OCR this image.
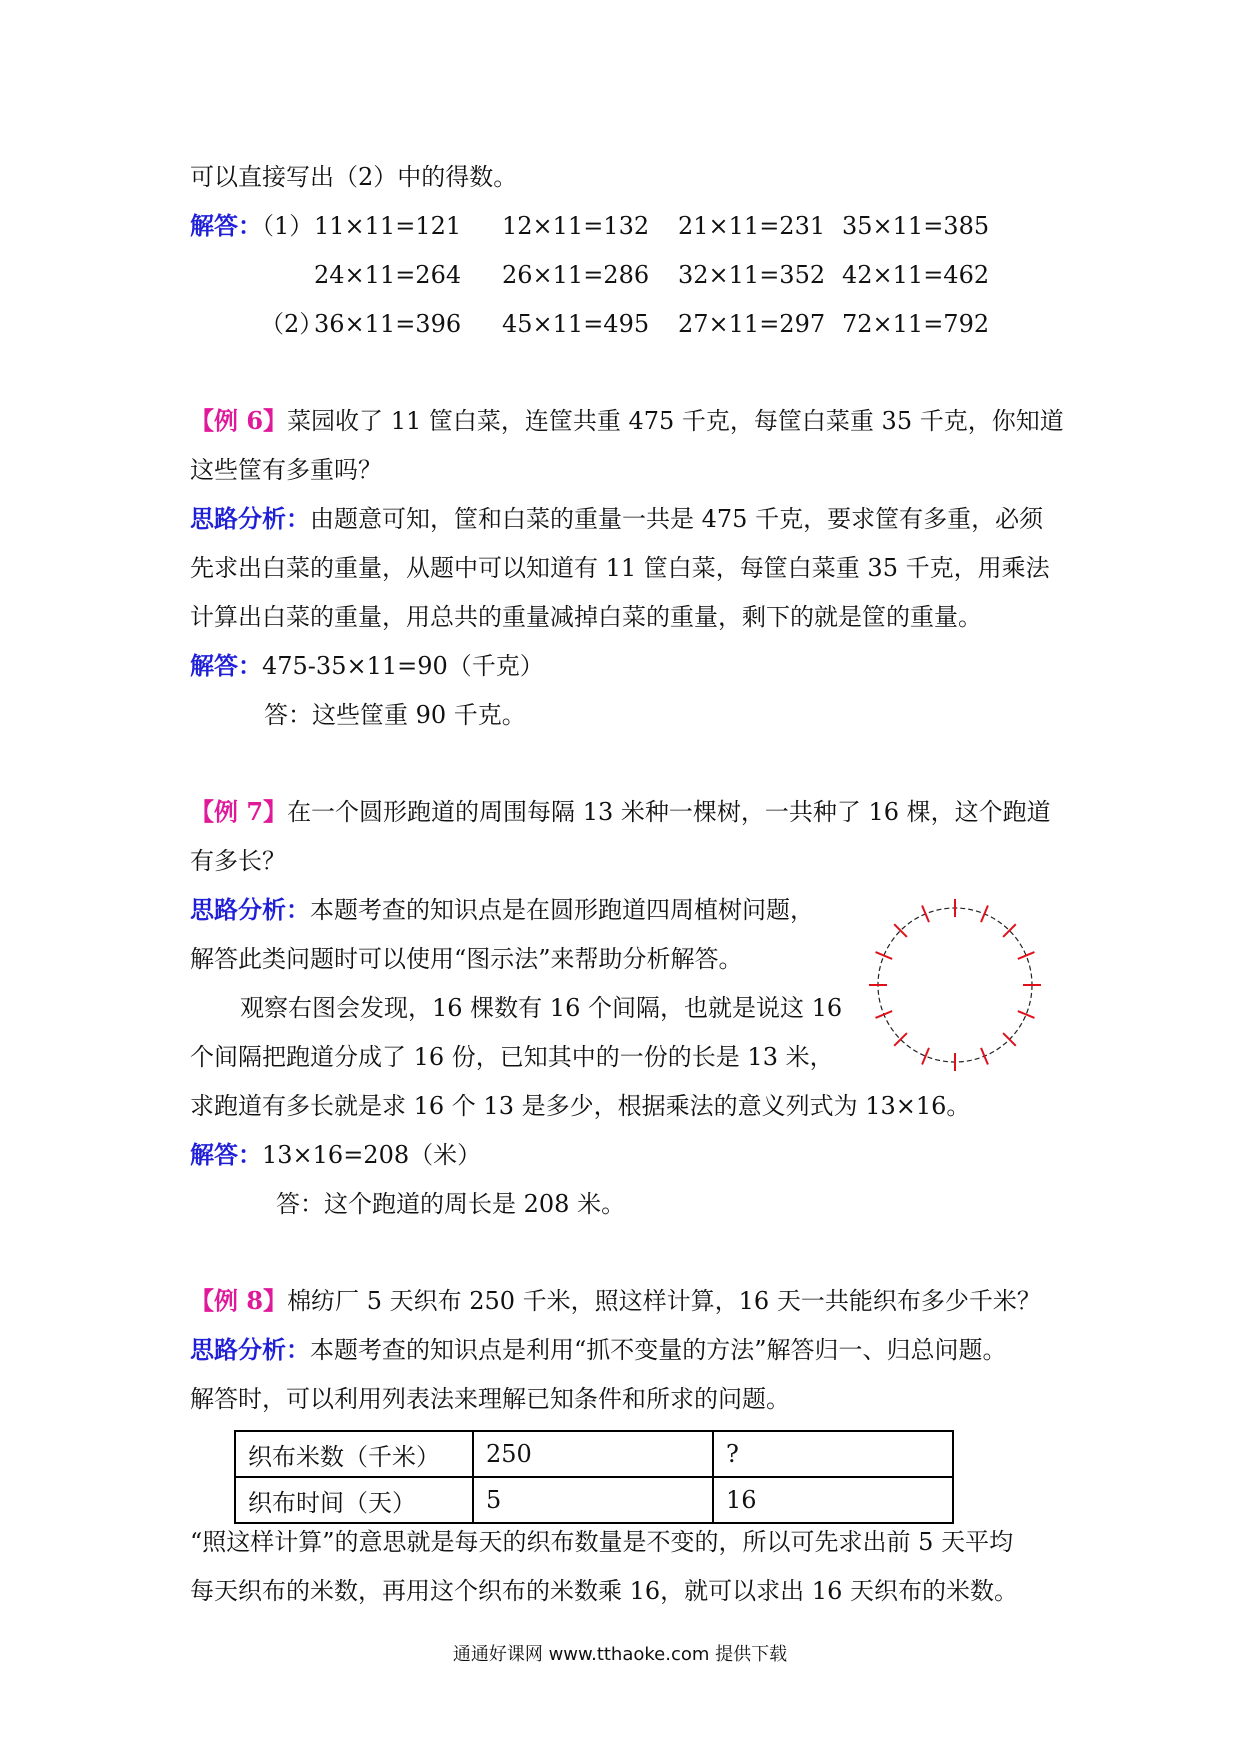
可以直接写出（2）中的得数。
解答：（1） 11×11=121 12×11=132 21×11=231 35×11=385
24×11=264 26×11=286 32×11=352 42×11=462
（2）
36×11=396 45×11=495 27×11=297 72×11=792
【例 6】菜园收了 11 筐白菜，连筐共重 475 千克，每筐白菜重 35 千克，你知道
这些筐有多重吗？
思路分析：由题意可知，筐和白菜的重量一共是 475 千克，要求筐有多重，必须
先求出白菜的重量，从题中可以知道有 11 筐白菜，每筐白菜重 35 千克，用乘法
计算出白菜的重量，用总共的重量减掉白菜的重量，剩下的就是筐的重量。
解答：475-35×11=90（千克）
答：这些筐重 90 千克。
【例 7】在一个圆形跑道的周围每隔 13 米种一棵树，一共种了 16 棵，这个跑道
有多长？
思路分析：本题考查的知识点是在圆形跑道四周植树问题，
解答此类问题时可以使用“图示法”来帮助分析解答。
观察右图会发现，16 棵数有 16 个间隔，也就是说这 16
个间隔把跑道分成了 16 份，已知其中的一份的长是 13 米，
求跑道有多长就是求 16 个 13 是多少，根据乘法的意义列式为 13×16。
解答：13×16=208（米）
答：这个跑道的周长是 208 米。
【例 8】棉纺厂 5 天织布 250 千米，照这样计算，16 天一共能织布多少千米？
思路分析：本题考查的知识点是利用“抓不变量的方法”解答归一、归总问题。
解答时，可以利用列表法来理解已知条件和所求的问题。
织布米数（千米）	250	?
织布时间（天）	5	16
“照这样计算”的意思就是每天的织布数量是不变的，所以可先求出前 5 天平均
每天织布的米数，再用这个织布的米数乘 16，就可以求出 16 天织布的米数。
通通好课网 www.tthaoke.com 提供下载
